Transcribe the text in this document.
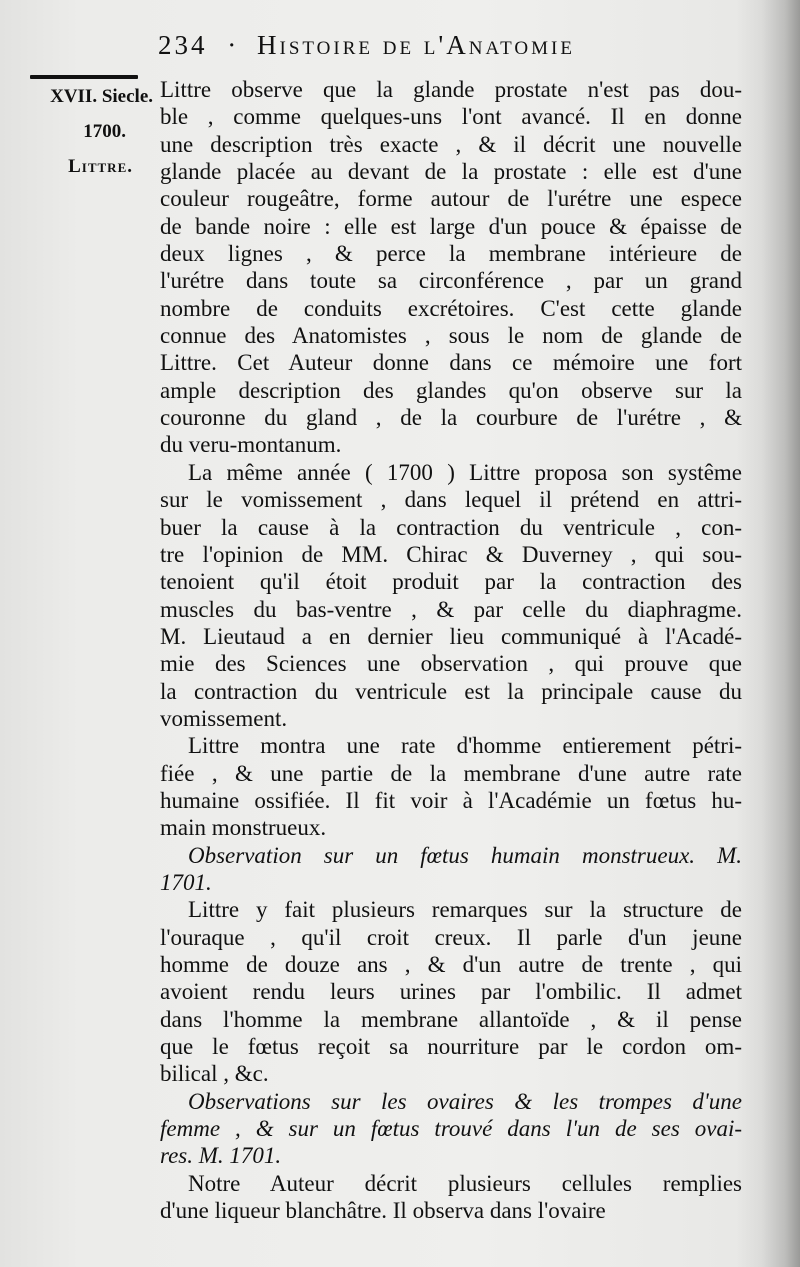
234 · Histoire de l'Anatomie
XVII. Siecle.
1700.
Littre.

Littre observe que la glande prostate n'est pas dou-
ble , comme quelques-uns l'ont avancé. Il en donne
une description très exacte , & il décrit une nouvelle
glande placée au devant de la prostate : elle est d'une
couleur rougeâtre, forme autour de l'urétre une espece
de bande noire : elle est large d'un pouce & épaisse de
deux lignes , & perce la membrane intérieure de
l'urétre dans toute sa circonférence , par un grand
nombre de conduits excrétoires. C'est cette glande
connue des Anatomistes , sous le nom de glande de
Littre. Cet Auteur donne dans ce mémoire une fort
ample description des glandes qu'on observe sur la
couronne du gland , de la courbure de l'urétre , &
du veru-montanum.

La même année ( 1700 ) Littre proposa son systême
sur le vomissement , dans lequel il prétend en attri-
buer la cause à la contraction du ventricule , con-
tre l'opinion de MM. Chirac & Duverney , qui sou-
tenoient qu'il étoit produit par la contraction des
muscles du bas-ventre , & par celle du diaphragme.
M. Lieutaud a en dernier lieu communiqué à l'Acadé-
mie des Sciences une observation , qui prouve que
la contraction du ventricule est la principale cause du
vomissement.

Littre montra une rate d'homme entierement pétri-
fiée , & une partie de la membrane d'une autre rate
humaine ossifiée. Il fit voir à l'Académie un fœtus hu-
main monstrueux.

Observation sur un fœtus humain monstrueux. M.
1701.

Littre y fait plusieurs remarques sur la structure de
l'ouraque , qu'il croit creux. Il parle d'un jeune
homme de douze ans , & d'un autre de trente , qui
avoient rendu leurs urines par l'ombilic. Il admet
dans l'homme la membrane allantoïde , & il pense
que le fœtus reçoit sa nourriture par le cordon om-
bilical , &c.

Observations sur les ovaires & les trompes d'une
femme , & sur un fœtus trouvé dans l'un de ses ovai-
res. M. 1701.

Notre Auteur décrit plusieurs cellules remplies
d'une liqueur blanchâtre. Il observa dans l'ovaire
